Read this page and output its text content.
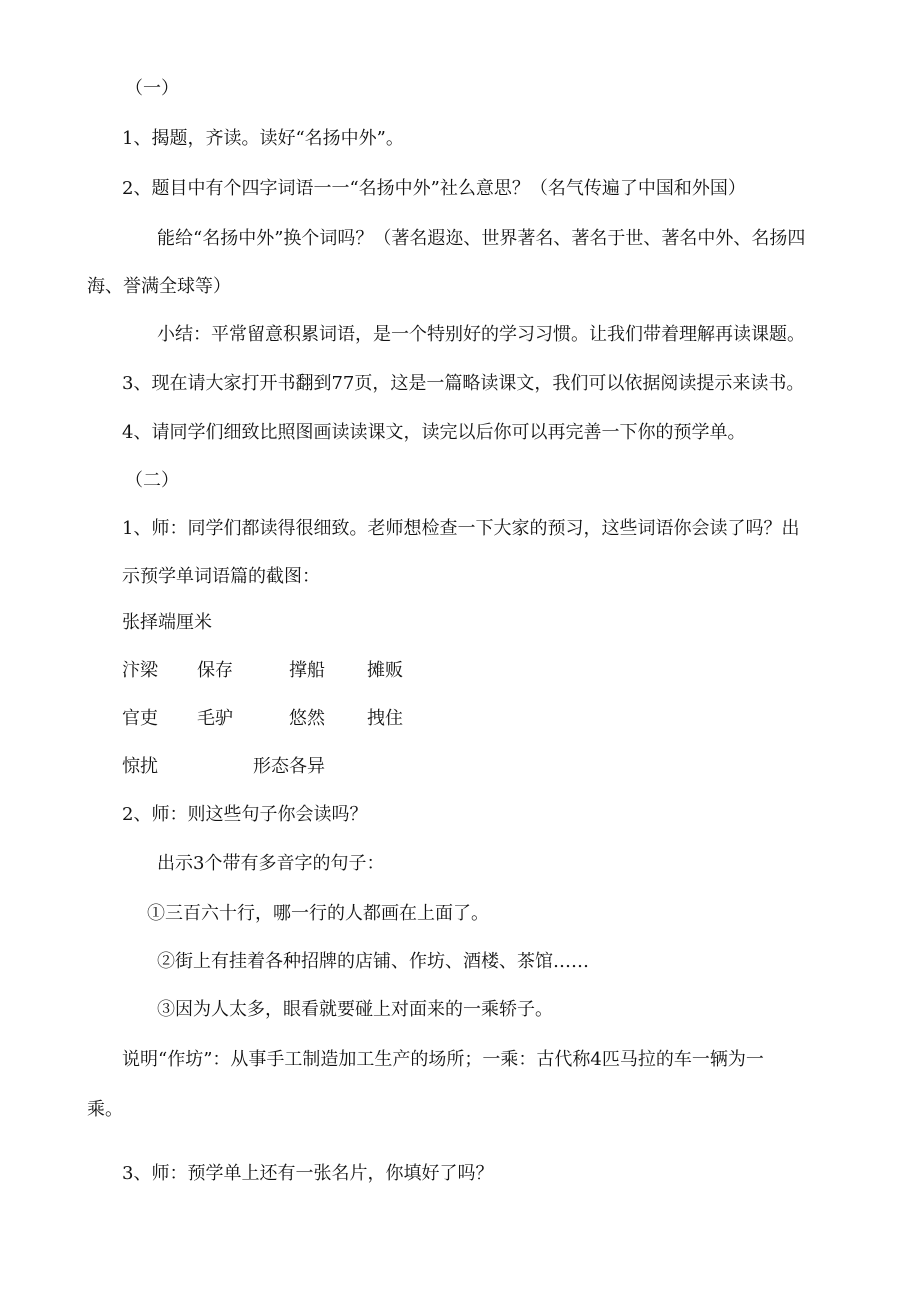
（一）
1、揭题，齐读。读好“名扬中外”。
2、题目中有个四字词语一一“名扬中外”社么意思？（名气传遍了中国和外国）
能给“名扬中外”换个词吗？（著名遐迩、世界著名、著名于世、著名中外、名扬四
海、誉满全球等）
小结：平常留意积累词语，是一个特别好的学习习惯。让我们带着理解再读课题。
3、现在请大家打开书翻到77页，这是一篇略读课文，我们可以依据阅读提示来读书。
4、请同学们细致比照图画读读课文，读完以后你可以再完善一下你的预学单。
（二）
1、师：同学们都读得很细致。老师想检查一下大家的预习，这些词语你会读了吗？出
示预学单词语篇的截图：
张择端厘米
汴梁 保存	撑船 摊贩
官吏 毛驴	悠然 拽住
惊扰	形态各异
2、师：则这些句子你会读吗？
出示3个带有多音字的句子：
①三百六十行，哪一行的人都画在上面了。
②街上有挂着各种招牌的店铺、作坊、酒楼、茶馆……
③因为人太多，眼看就要碰上对面来的一乘轿子。
说明“作坊”：从事手工制造加工生产的场所；一乘：古代称4匹马拉的车一辆为一
乘。
3、师：预学单上还有一张名片，你填好了吗？
